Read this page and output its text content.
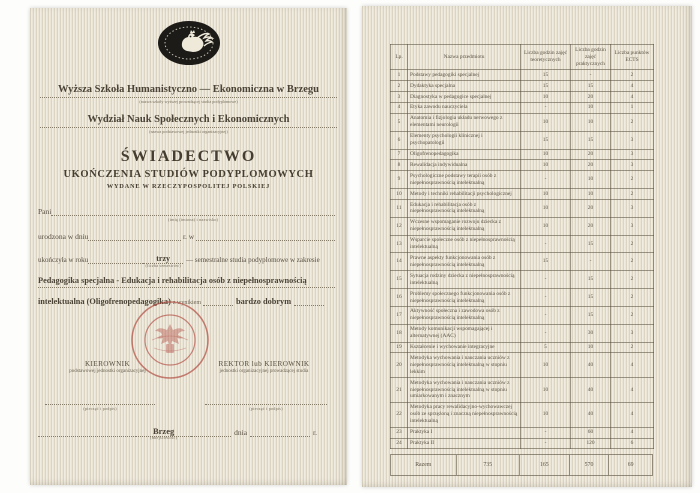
Wyższa Szkoła Humanistyczno — Ekonomiczna w Brzegu
(nazwa szkoły wyższej prowadzącej studia podyplomowe)
Wydział Nauk Społecznych i Ekonomicznych
(nazwa podstawowej jednostki organizacyjnej)
ŚWIADECTWO
UKOŃCZENIA STUDIÓW PODYPLOMOWYCH
WYDANE W RZECZYPOSPOLITEJ POLSKIEJ
Pani
(imię (imiona) i nazwisko)
urodzona w dniu	r. w
ukończyła w roku	trzy
(liczba semestrów)
— semestralne studia podyplomowe w zakresie
Pedagogika specjalna - Edukacja i rehabilitacja osób z niepełnosprawnością
intelektualna (Oligofrenopedagogika) z wynikiem	bardzo dobrym
KIEROWNIK
podstawowej jednostki organizacyjnej
REKTOR lub KIEROWNIK
jednostki organizacyjnej prowadzącej studia
(pieczęć i podpis)	(pieczęć i podpis)
Brzeg
(miejscowość)
dnia	r.
Lp.	Nazwa przedmiotu	Liczba godzin zajęć teoretycznych	Liczba godzin zajęć praktycznych	Liczba punktów ECTS
1	Podstawy pedagogiki specjalnej	15	-	2
2	Dydaktyka specjalna	15	15	4
3	Diagnostyka w pedagogice specjalnej	10	20	4
4	Etyka zawodu nauczyciela	-	10	1
5	Anatomia i fizjologia układu nerwowego z elementami neurologii	10	10	2
6	Elementy psychologii klinicznej i psychopatologii	15	15	3
7	Oligofrenopedagogika	10	20	3
8	Rewalidacja indywidualna	10	20	3
9	Psychologiczne podstawy terapii osób z niepełnosprawnością intelektualną	-	10	2
10	Metody i techniki rehabilitacji psychologicznej	10	10	2
11	Edukacja i rehabilitacja osób z niepełnosprawnością intelektualną	10	20	3
12	Wczesne wspomaganie rozwoju dziecka z niepełnosprawnością intelektualną	10	20	3
13	Wsparcie społeczne osób z niepełnosprawnością intelektualną	-	15	2
14	Prawne aspekty funkcjonowania osób z niepełnosprawnością intelektualną	15	-	2
15	Sytuacja rodziny dziecka z niepełnosprawnością intelektualną	-	15	2
16	Problemy społecznego funkcjonowania osób z niepełnosprawnością intelektualną	-	15	2
17	Aktywność społeczna i zawodowa osób z niepełnosprawnością intelektualną	-	15	2
18	Metody komunikacji wspomagającej i alternatywnej (AAC)	-	30	3
19	Kształcenie i wychowanie integracyjne	5	10	2
20	Metodyka wychowania i nauczania uczniów z niepełnosprawnością intelektualną w stopniu lekkim	10	40	4
21	Metodyka wychowania i nauczania uczniów z niepełnosprawnością intelektualną w stopniu umiarkowanym i znacznym	10	40	4
22	Metodyka pracy rewalidacyjno-wychowawczej osób ze sprzężoną i znaczną niepełnosprawnością intelektualną	10	40	4
23	Praktyka I	-	60	4
24	Praktyka II	-	120	6
Razem	735	165	570	69
